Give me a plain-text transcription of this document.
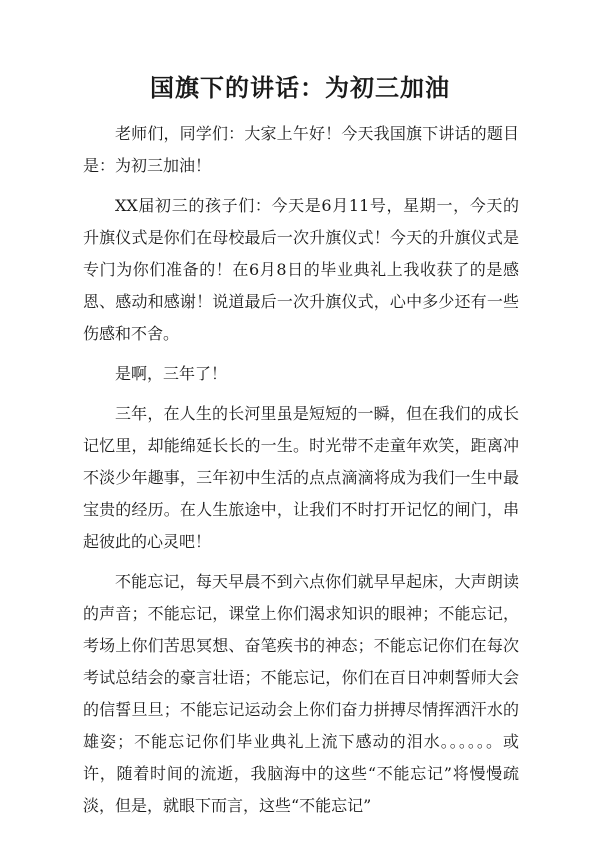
国旗下的讲话：为初三加油

老师们，同学们：大家上午好！今天我国旗下讲话的题目是：为初三加油！

XX届初三的孩子们：今天是6月11号，星期一，今天的升旗仪式是你们在母校最后一次升旗仪式！今天的升旗仪式是专门为你们准备的！在6月8日的毕业典礼上我收获了的是感恩、感动和感谢！说道最后一次升旗仪式，心中多少还有一些伤感和不舍。

是啊，三年了！

三年，在人生的长河里虽是短短的一瞬，但在我们的成长记忆里，却能绵延长长的一生。时光带不走童年欢笑，距离冲不淡少年趣事，三年初中生活的点点滴滴将成为我们一生中最宝贵的经历。在人生旅途中，让我们不时打开记忆的闸门，串起彼此的心灵吧！

不能忘记，每天早晨不到六点你们就早早起床，大声朗读的声音；不能忘记，课堂上你们渴求知识的眼神；不能忘记，考场上你们苦思冥想、奋笔疾书的神态；不能忘记你们在每次考试总结会的豪言壮语；不能忘记，你们在百日冲刺誓师大会的信誓旦旦；不能忘记运动会上你们奋力拼搏尽情挥洒汗水的雄姿；不能忘记你们毕业典礼上流下感动的泪水。。。。。。或许，随着时间的流逝，我脑海中的这些“不能忘记”将慢慢疏淡，但是，就眼下而言，这些“不能忘记”
